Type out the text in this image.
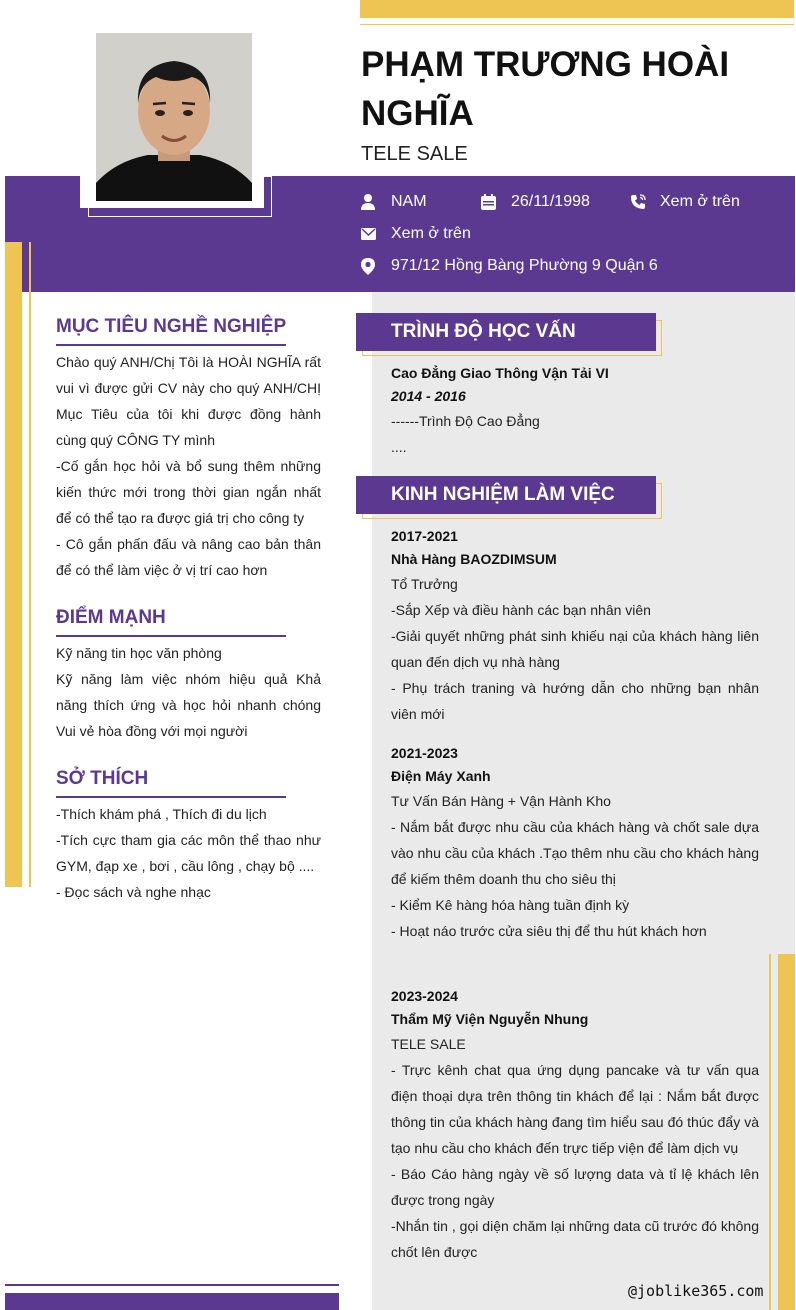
PHẠM TRƯƠNG HOÀI NGHĨA
TELE SALE
NAM	26/11/1998	Xem ở trên
Xem ở trên
971/12 Hồng Bàng Phường 9 Quận 6
MỤC TIÊU NGHỀ NGHIỆP

Chào quý ANH/Chị Tôi là HOÀI NGHĨA rất vui vì được gửi CV này cho quý ANH/CHỊ Mục Tiêu của tôi khi được đồng hành cùng quý CÔNG TY mình

-Cố gắn học hỏi và bổ sung thêm những kiến thức mới trong thời gian ngắn nhất để có thể tạo ra được giá trị cho công ty

- Cô gắn phấn đấu và nâng cao bản thân để có thể làm việc ở vị trí cao hơn

ĐIỂM MẠNH

Kỹ năng tin học văn phòng

Kỹ năng làm việc nhóm hiệu quả Khả năng thích ứng và học hỏi nhanh chóng Vui vẻ hòa đồng với mọi người

SỞ THÍCH

-Thích khám phá , Thích đi du lịch

-Tích cực tham gia các môn thể thao như GYM, đạp xe , bơi , cầu lông , chạy bộ ....

- Đọc sách và nghe nhạc

TRÌNH ĐỘ HỌC VẤN
Cao Đẳng Giao Thông Vận Tải VI
2014 - 2016

------Trình Độ Cao Đẳng

....

KINH NGHIỆM LÀM VIỆC
2017-2021
Nhà Hàng BAOZDIMSUM

Tổ Trưởng

-Sắp Xếp và điều hành các bạn nhân viên

-Giải quyết những phát sinh khiếu nại của khách hàng liên quan đến dịch vụ nhà hàng

- Phụ trách traning và hướng dẫn cho những bạn nhân viên mới

2021-2023
Điện Máy Xanh

Tư Vấn Bán Hàng + Vận Hành Kho

- Nắm bắt được nhu cầu của khách hàng và chốt sale dựa vào nhu cầu của khách .Tạo thêm nhu cầu cho khách hàng để kiếm thêm doanh thu cho siêu thị

- Kiểm Kê hàng hóa hàng tuần định kỳ

- Hoạt náo trước cửa siêu thị để thu hút khách hơn

2023-2024
Thẩm Mỹ Viện Nguyễn Nhung

TELE SALE

- Trực kênh chat qua ứng dụng pancake và tư vấn qua điện thoại dựa trên thông tin khách để lại : Nắm bắt được thông tin của khách hàng đang tìm hiểu sau đó thúc đẩy và tạo nhu cầu cho khách đến trực tiếp viện để làm dịch vụ

- Báo Cáo hàng ngày về số lượng data và tỉ lệ khách lên được trong ngày

-Nhắn tin , gọi diện chăm lại những data cũ trước đó không chốt lên được

@joblike365.com
